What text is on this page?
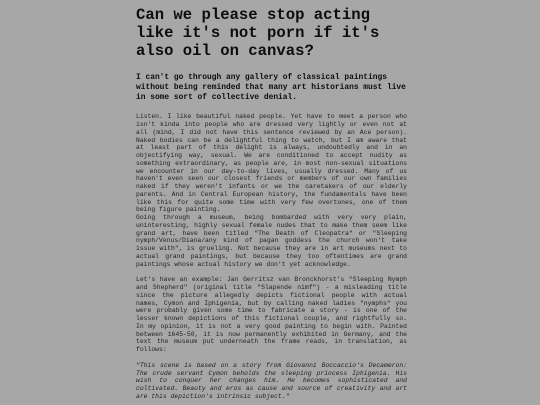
Can we please stop acting like it's not porn if it's also oil on canvas?

I can't go through any gallery of classical paintings without being reminded that many art historians must live in some sort of collective denial.

Listen. I like beautiful naked people. Yet have to meet a person who isn't kinda into people who are dressed very lightly or even not at all (mind, I did not have this sentence reviewed by an Ace person). Naked bodies can be a delightful thing to watch, but I am aware that at least part of this delight is always, undoubtedly and in an objectifying way, sexual. We are conditioned to accept nudity as something extraordinary, as people are, in most non-sexual situations we encounter in our day-to-day lives, usually dressed. Many of us haven't even seen our closest friends or members of our own families naked if they weren't infants or we the caretakers of our elderly parents. And in Central European history, the fundamentals have been like this for quite some time with very few overtones, one of them being figure painting.

Going through a museum, being bombarded with very very plain, uninteresting, highly sexual female nudes that to make them seem like grand art, have been titled "The Death of Cleopatra" or "Sleeping nymph/Venus/Diana/any kind of pagan goddess the church won't take issue with", is grueling. Not because they are in art museums next to actual grand paintings, but because they too oftentimes are grand paintings whose actual history we don't yet acknowledge.

Let's have an example: Jan Gerritsz van Bronckhorst's "Sleeping Nymph and Shepherd" (original title "Slapende nimf") - a misleading title since the picture allegedly depicts fictional people with actual names, Cymon and Iphigenia, but by calling naked ladies "nymphs" you were probably given some time to fabricate a story - is one of the lesser known depictions of this fictional couple, and rightfully so. In my opinion, it is not a very good painting to begin with. Painted between 1645-50, it is now permanently exhibited in Germany, and the text the museum put underneath the frame reads, in translation, as follows:

"This scene is based on a story from Giovanni Boccaccio's Decameron: The crude servant Cymon beholds the sleeping princess Iphigenia. His wish to conquer her changes him. He becomes sophisticated and cultivated. Beauty and eros as cause and source of creativity and art are this depiction's intrinsic subject."
